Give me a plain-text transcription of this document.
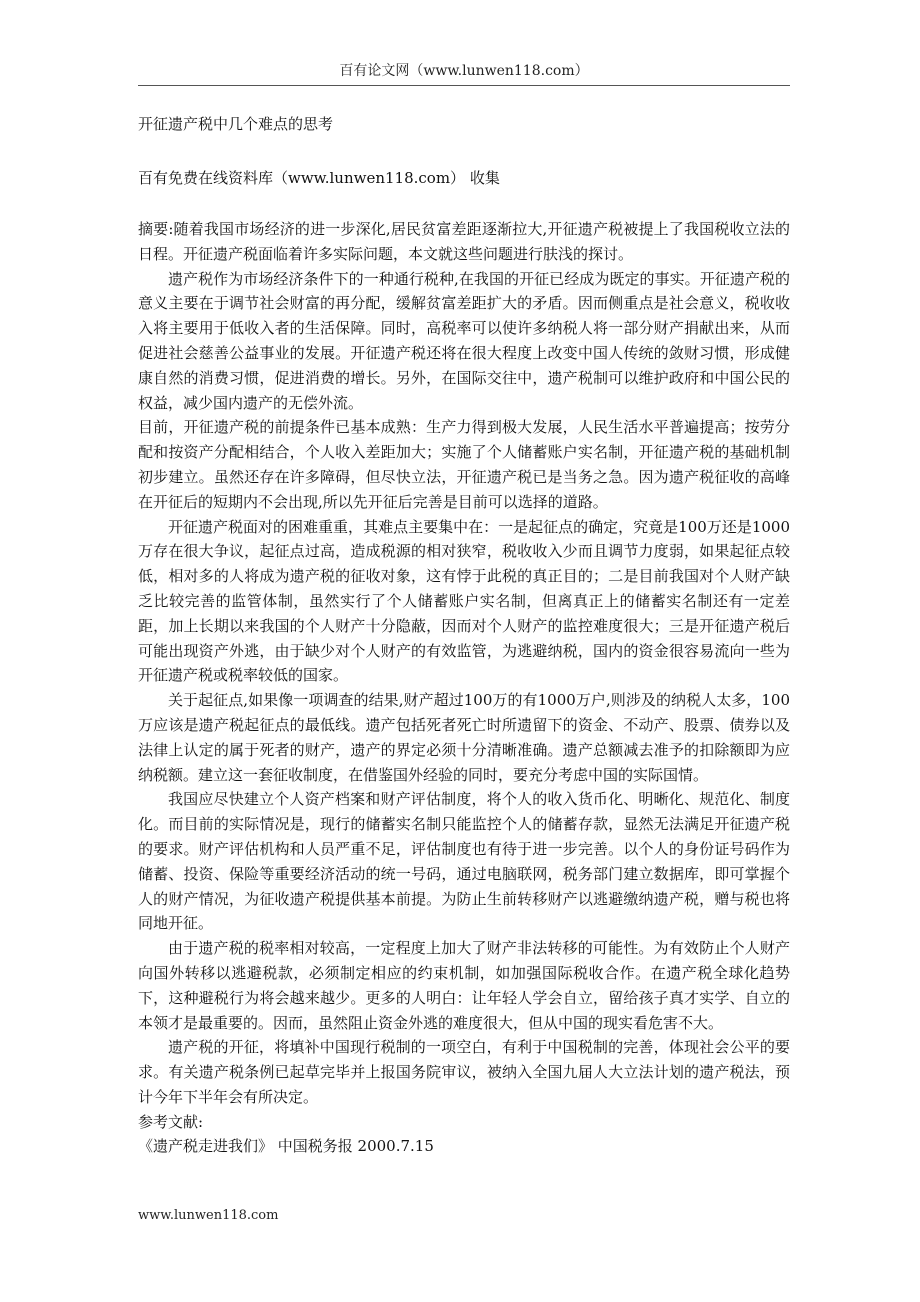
百有论文网（www.lunwen118.com）
开征遗产税中几个难点的思考

百有免费在线资料库（www.lunwen118.com） 收集

摘要:随着我国市场经济的进一步深化,居民贫富差距逐渐拉大,开征遗产税被提上了我国税收立法的日程。开征遗产税面临着许多实际问题，本文就这些问题进行肤浅的探讨。

遗产税作为市场经济条件下的一种通行税种,在我国的开征已经成为既定的事实。开征遗产税的意义主要在于调节社会财富的再分配，缓解贫富差距扩大的矛盾。因而侧重点是社会意义，税收收入将主要用于低收入者的生活保障。同时，高税率可以使许多纳税人将一部分财产捐献出来，从而促进社会慈善公益事业的发展。开征遗产税还将在很大程度上改变中国人传统的敛财习惯，形成健康自然的消费习惯，促进消费的增长。另外，在国际交往中，遗产税制可以维护政府和中国公民的权益，减少国内遗产的无偿外流。

目前，开征遗产税的前提条件已基本成熟：生产力得到极大发展，人民生活水平普遍提高；按劳分配和按资产分配相结合，个人收入差距加大；实施了个人储蓄账户实名制，开征遗产税的基础机制初步建立。虽然还存在许多障碍，但尽快立法，开征遗产税已是当务之急。因为遗产税征收的高峰在开征后的短期内不会出现,所以先开征后完善是目前可以选择的道路。

开征遗产税面对的困难重重，其难点主要集中在：一是起征点的确定，究竟是100万还是1000万存在很大争议，起征点过高，造成税源的相对狭窄，税收收入少而且调节力度弱，如果起征点较低，相对多的人将成为遗产税的征收对象，这有悖于此税的真正目的；二是目前我国对个人财产缺乏比较完善的监管体制，虽然实行了个人储蓄账户实名制，但离真正上的储蓄实名制还有一定差距，加上长期以来我国的个人财产十分隐蔽，因而对个人财产的监控难度很大；三是开征遗产税后可能出现资产外逃，由于缺少对个人财产的有效监管，为逃避纳税，国内的资金很容易流向一些为开征遗产税或税率较低的国家。

关于起征点,如果像一项调查的结果,财产超过100万的有1000万户,则涉及的纳税人太多，100万应该是遗产税起征点的最低线。遗产包括死者死亡时所遗留下的资金、不动产、股票、债券以及法律上认定的属于死者的财产，遗产的界定必须十分清晰准确。遗产总额减去准予的扣除额即为应纳税额。建立这一套征收制度，在借鉴国外经验的同时，要充分考虑中国的实际国情。

我国应尽快建立个人资产档案和财产评估制度，将个人的收入货币化、明晰化、规范化、制度化。而目前的实际情况是，现行的储蓄实名制只能监控个人的储蓄存款，显然无法满足开征遗产税的要求。财产评估机构和人员严重不足，评估制度也有待于进一步完善。以个人的身份证号码作为储蓄、投资、保险等重要经济活动的统一号码，通过电脑联网，税务部门建立数据库，即可掌握个人的财产情况，为征收遗产税提供基本前提。为防止生前转移财产以逃避缴纳遗产税，赠与税也将同地开征。

由于遗产税的税率相对较高，一定程度上加大了财产非法转移的可能性。为有效防止个人财产向国外转移以逃避税款，必须制定相应的约束机制，如加强国际税收合作。在遗产税全球化趋势下，这种避税行为将会越来越少。更多的人明白：让年轻人学会自立，留给孩子真才实学、自立的本领才是最重要的。因而，虽然阻止资金外逃的难度很大，但从中国的现实看危害不大。

遗产税的开征，将填补中国现行税制的一项空白，有利于中国税制的完善，体现社会公平的要求。有关遗产税条例已起草完毕并上报国务院审议，被纳入全国九届人大立法计划的遗产税法，预计今年下半年会有所决定。

参考文献:

《遗产税走进我们》 中国税务报 2000.7.15

www.lunwen118.com
